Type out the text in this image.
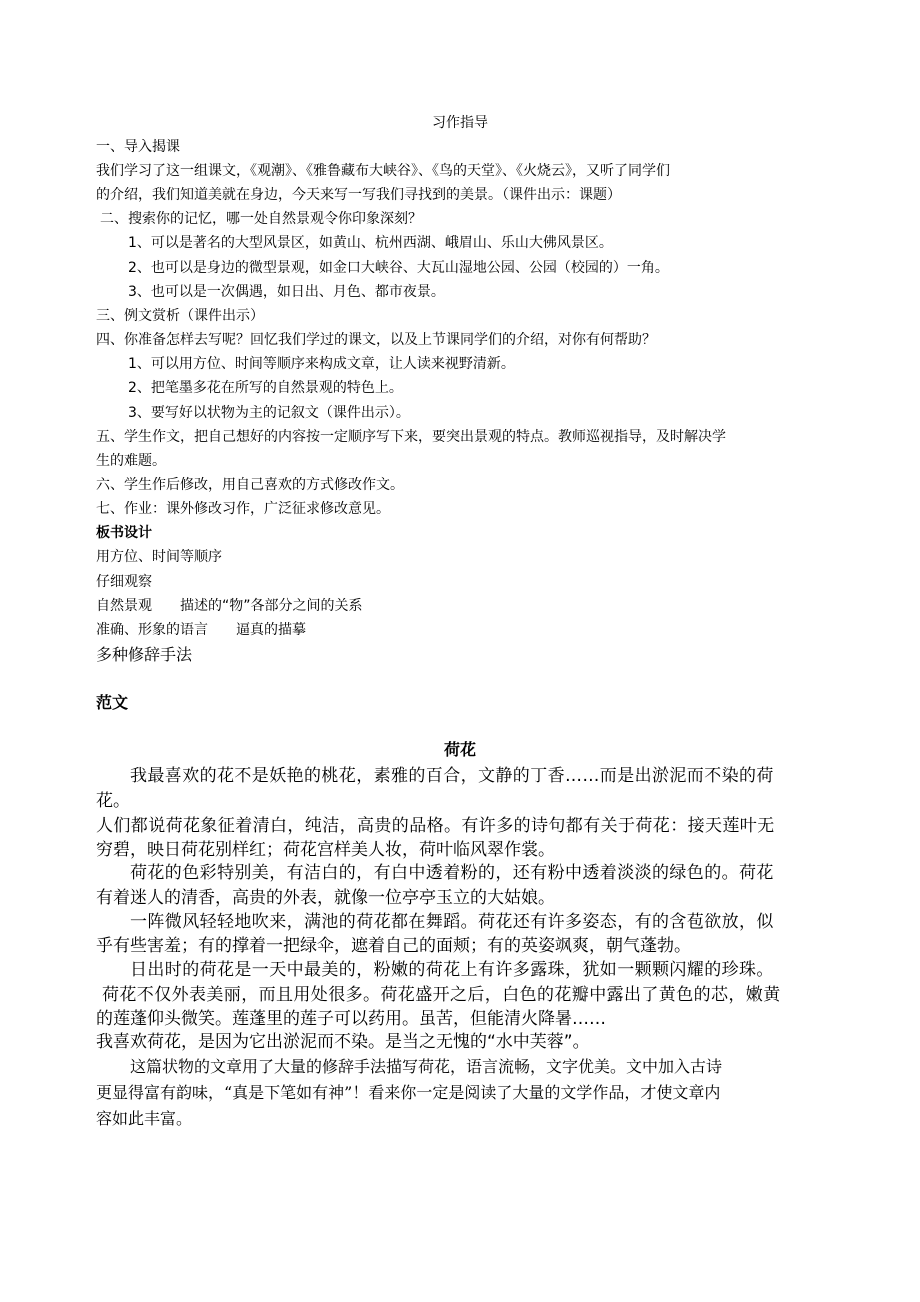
习作指导
一、导入揭课
我们学习了这一组课文，《观潮》、《雅鲁藏布大峡谷》、《鸟的天堂》、《火烧云》，又听了同学们
的介绍，我们知道美就在身边，今天来写一写我们寻找到的美景。（课件出示：课题）
二、搜索你的记忆，哪一处自然景观令你印象深刻？
1、可以是著名的大型风景区，如黄山、杭州西湖、峨眉山、乐山大佛风景区。
2、也可以是身边的微型景观，如金口大峡谷、大瓦山湿地公园、公园（校园的）一角。
3、也可以是一次偶遇，如日出、月色、都市夜景。
三、例文赏析（课件出示）
四、你准备怎样去写呢？回忆我们学过的课文，以及上节课同学们的介绍，对你有何帮助？
1、可以用方位、时间等顺序来构成文章，让人读来视野清新。
2、把笔墨多花在所写的自然景观的特色上。
3、要写好以状物为主的记叙文（课件出示）。
五、学生作文，把自己想好的内容按一定顺序写下来，要突出景观的特点。教师巡视指导，及时解决学
生的难题。
六、学生作后修改，用自己喜欢的方式修改作文。
七、作业：课外修改习作，广泛征求修改意见。
板书设计
用方位、时间等顺序
仔细观察
自然景观　　描述的“物”各部分之间的关系
准确、形象的语言　　逼真的描摹
多种修辞手法
范文
荷花
我最喜欢的花不是妖艳的桃花，素雅的百合，文静的丁香……而是出淤泥而不染的荷
花。
人们都说荷花象征着清白，纯洁，高贵的品格。有许多的诗句都有关于荷花：接天莲叶无
穷碧，映日荷花别样红；荷花宫样美人妆，荷叶临风翠作裳。
荷花的色彩特别美，有洁白的，有白中透着粉的，还有粉中透着淡淡的绿色的。荷花
有着迷人的清香，高贵的外表，就像一位亭亭玉立的大姑娘。
一阵微风轻轻地吹来，满池的荷花都在舞蹈。荷花还有许多姿态，有的含苞欲放，似
乎有些害羞；有的撑着一把绿伞，遮着自己的面颊；有的英姿飒爽，朝气蓬勃。
日出时的荷花是一天中最美的，粉嫩的荷花上有许多露珠，犹如一颗颗闪耀的珍珠。
荷花不仅外表美丽，而且用处很多。荷花盛开之后，白色的花瓣中露出了黄色的芯，嫩黄
的莲蓬仰头微笑。莲蓬里的莲子可以药用。虽苦，但能清火降暑……
我喜欢荷花，是因为它出淤泥而不染。是当之无愧的“水中芙蓉”。
这篇状物的文章用了大量的修辞手法描写荷花，语言流畅，文字优美。文中加入古诗
更显得富有韵味，“真是下笔如有神”！看来你一定是阅读了大量的文学作品，才使文章内
容如此丰富。
